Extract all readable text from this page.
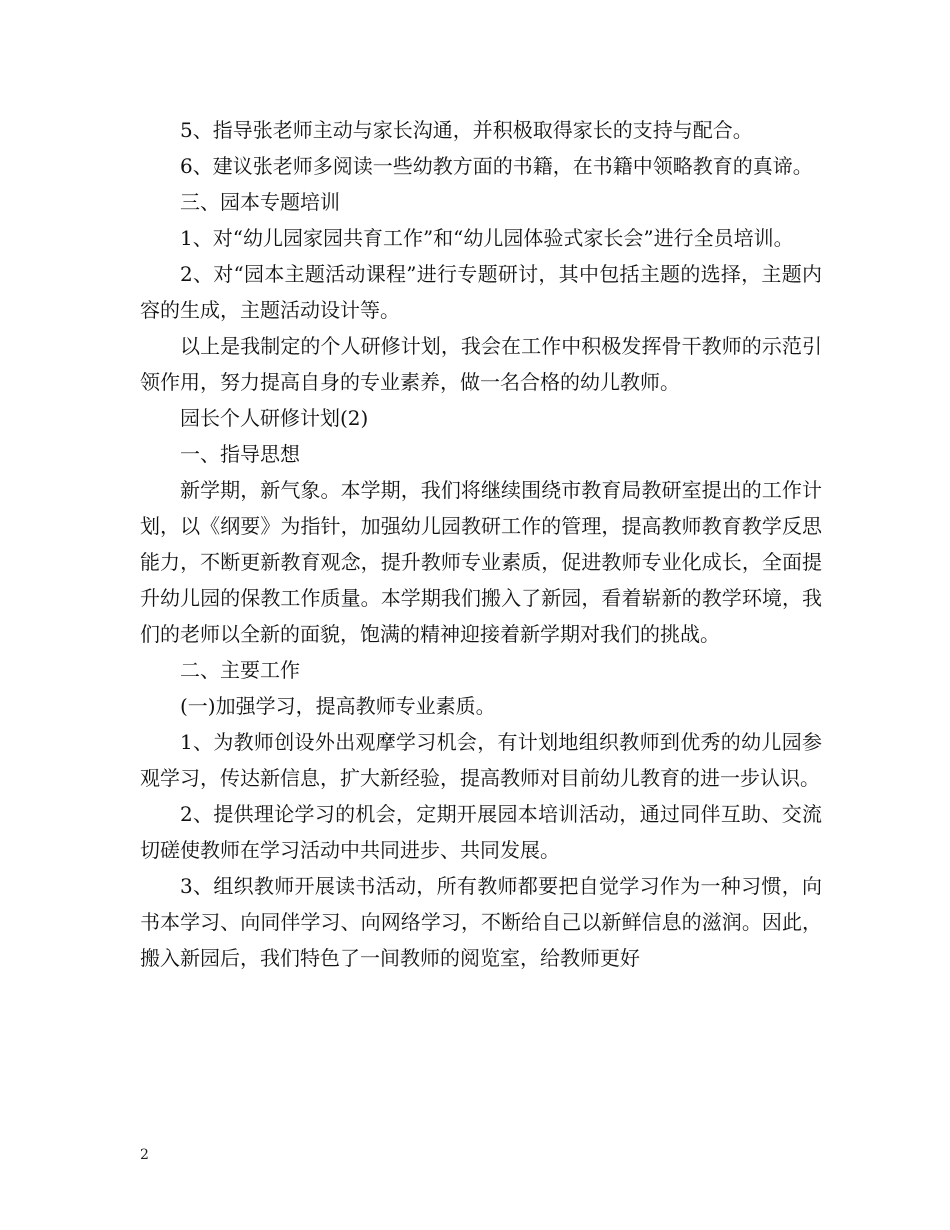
5、指导张老师主动与家长沟通，并积极取得家长的支持与配合。

6、建议张老师多阅读一些幼教方面的书籍，在书籍中领略教育的真谛。

三、园本专题培训

1、对“幼儿园家园共育工作”和“幼儿园体验式家长会”进行全员培训。

2、对“园本主题活动课程”进行专题研讨，其中包括主题的选择，主题内容的生成，主题活动设计等。

以上是我制定的个人研修计划，我会在工作中积极发挥骨干教师的示范引领作用，努力提高自身的专业素养，做一名合格的幼儿教师。

园长个人研修计划(2)

一、指导思想

新学期，新气象。本学期，我们将继续围绕市教育局教研室提出的工作计划，以《纲要》为指针，加强幼儿园教研工作的管理，提高教师教育教学反思能力，不断更新教育观念，提升教师专业素质，促进教师专业化成长，全面提升幼儿园的保教工作质量。本学期我们搬入了新园，看着崭新的教学环境，我们的老师以全新的面貌，饱满的精神迎接着新学期对我们的挑战。

二、主要工作

(一)加强学习，提高教师专业素质。

1、为教师创设外出观摩学习机会，有计划地组织教师到优秀的幼儿园参观学习，传达新信息，扩大新经验，提高教师对目前幼儿教育的进一步认识。

2、提供理论学习的机会，定期开展园本培训活动，通过同伴互助、交流切磋使教师在学习活动中共同进步、共同发展。

3、组织教师开展读书活动，所有教师都要把自觉学习作为一种习惯，向书本学习、向同伴学习、向网络学习，不断给自己以新鲜信息的滋润。因此，搬入新园后，我们特色了一间教师的阅览室，给教师更好

2
